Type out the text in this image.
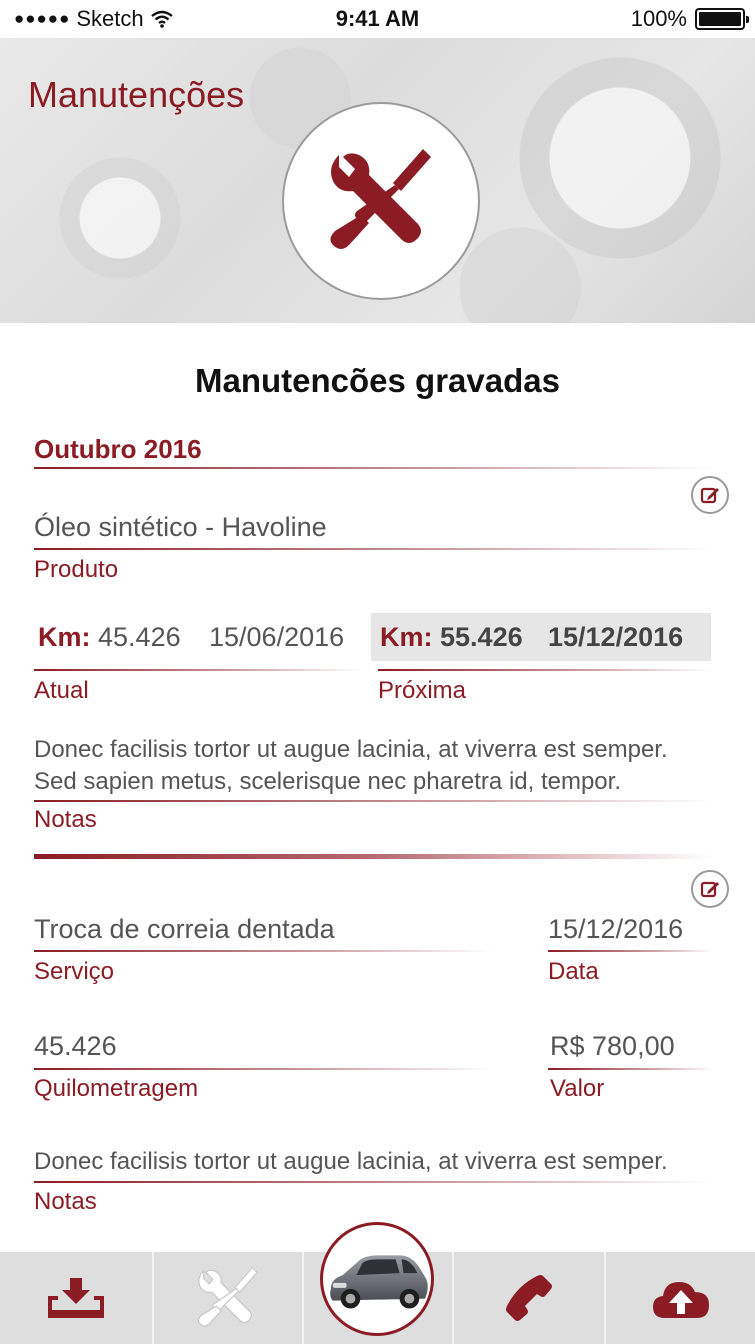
●●●●● Sketch	9:41 AM	100%
Manutenções
Manutencões gravadas
Outubro 2016
Óleo sintético - Havoline
Produto
Km: 45.426 15/06/2016
Atual
Km: 55.426 15/12/2016
Próxima
Donec facilisis tortor ut augue lacinia, at viverra est semper.
Sed sapien metus, scelerisque nec pharetra id, tempor.
Notas
Troca de correia dentada
Serviço
15/12/2016
Data
45.426
Quilometragem
R$ 780,00
Valor
Donec facilisis tortor ut augue lacinia, at viverra est semper.
Notas
